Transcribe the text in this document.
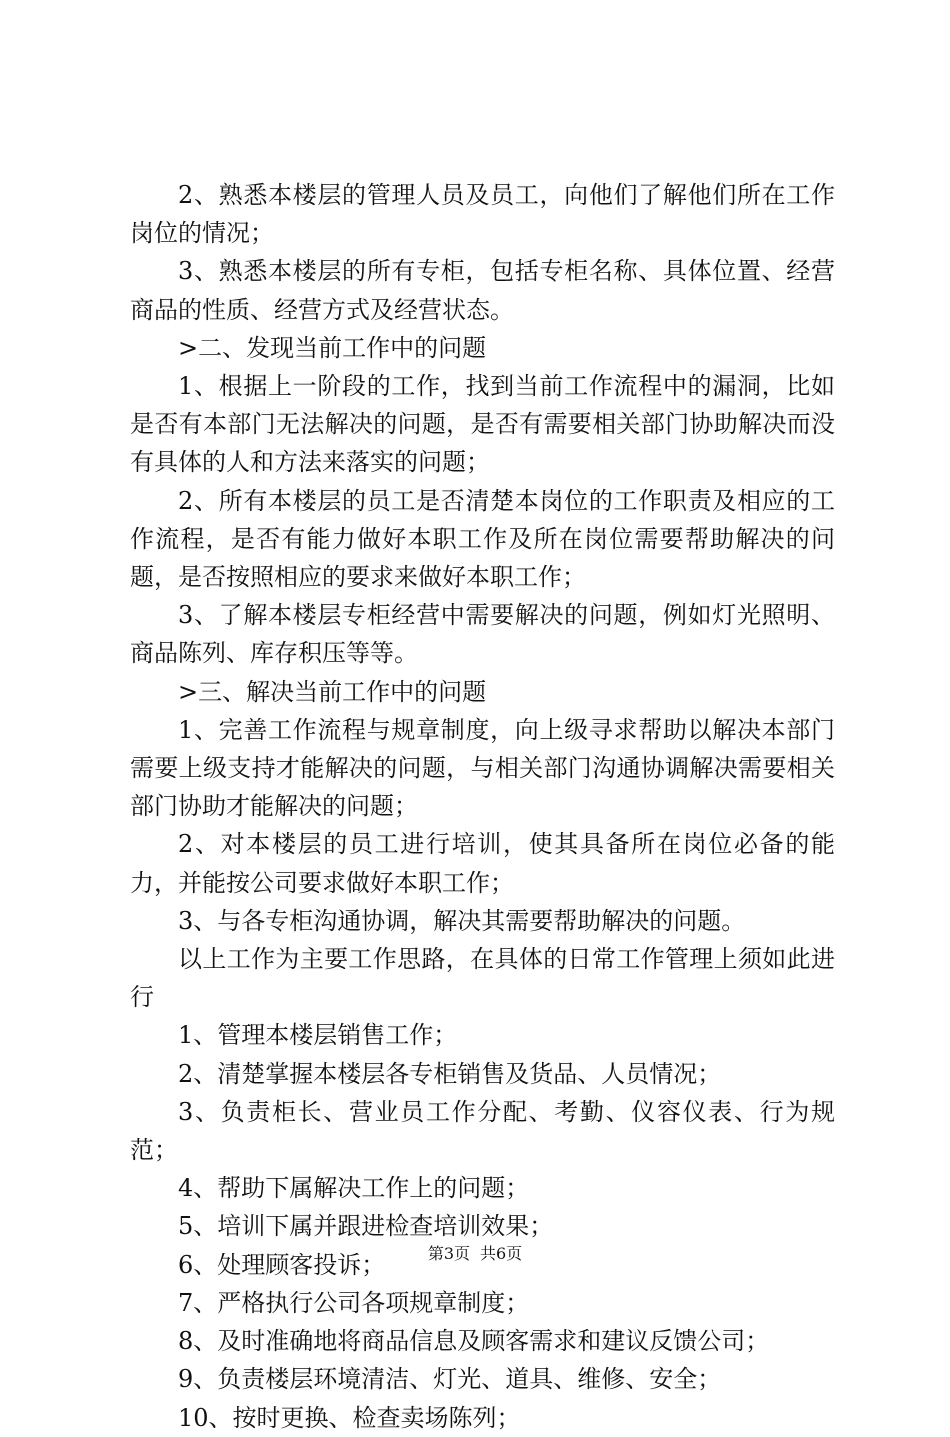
2、熟悉本楼层的管理人员及员工，向他们了解他们所在工作岗位的情况；

3、熟悉本楼层的所有专柜，包括专柜名称、具体位置、经营商品的性质、经营方式及经营状态。

>二、发现当前工作中的问题

1、根据上一阶段的工作，找到当前工作流程中的漏洞，比如是否有本部门无法解决的问题，是否有需要相关部门协助解决而没有具体的人和方法来落实的问题；

2、所有本楼层的员工是否清楚本岗位的工作职责及相应的工作流程，是否有能力做好本职工作及所在岗位需要帮助解决的问题，是否按照相应的要求来做好本职工作；

3、了解本楼层专柜经营中需要解决的问题，例如灯光照明、商品陈列、库存积压等等。

>三、解决当前工作中的问题

1、完善工作流程与规章制度，向上级寻求帮助以解决本部门需要上级支持才能解决的问题，与相关部门沟通协调解决需要相关部门协助才能解决的问题；

2、对本楼层的员工进行培训，使其具备所在岗位必备的能力，并能按公司要求做好本职工作；

3、与各专柜沟通协调，解决其需要帮助解决的问题。

以上工作为主要工作思路，在具体的日常工作管理上须如此进行

1、管理本楼层销售工作；

2、清楚掌握本楼层各专柜销售及货品、人员情况；

3、负责柜长、营业员工作分配、考勤、仪容仪表、行为规范；

4、帮助下属解决工作上的问题；

5、培训下属并跟进检查培训效果；

6、处理顾客投诉；

7、严格执行公司各项规章制度；

8、及时准确地将商品信息及顾客需求和建议反馈公司；

9、负责楼层环境清洁、灯光、道具、维修、安全；

10、按时更换、检查卖场陈列；

第3页 共6页
